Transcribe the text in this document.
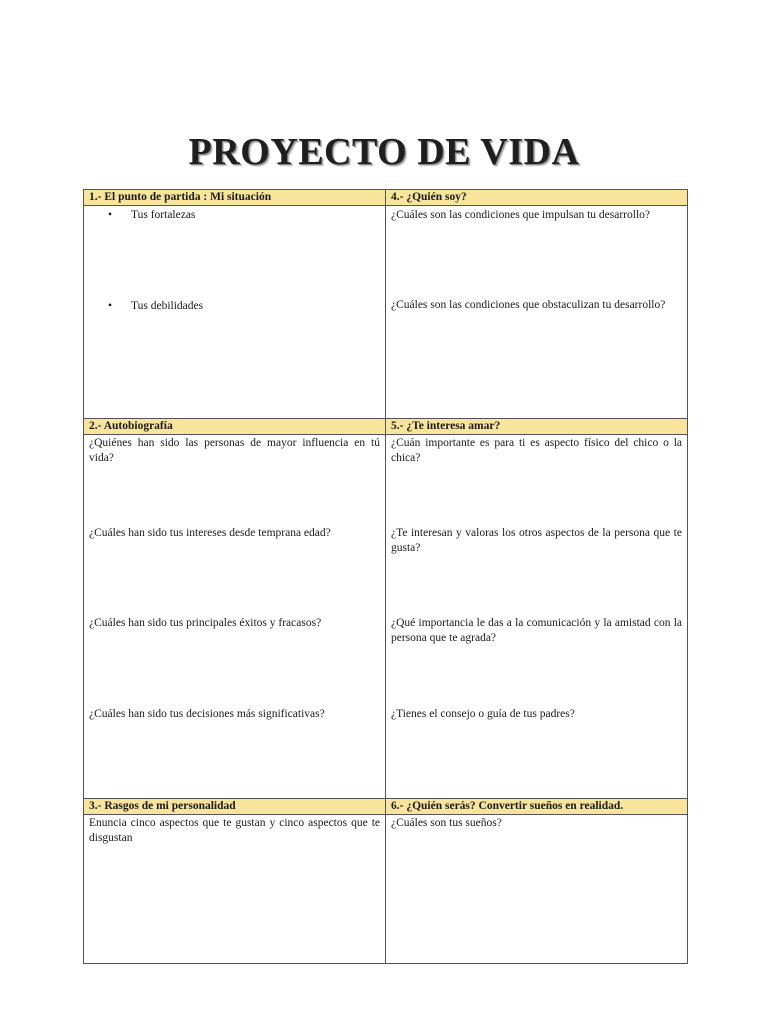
PROYECTO DE VIDA
1.- El punto de partida : Mi situación
• Tus fortalezas
• Tus debilidades
4.- ¿Quién soy?
¿Cuáles son las condiciones que impulsan tu desarrollo?
¿Cuáles son las condiciones que obstaculizan tu desarrollo?
2.- Autobiografía
¿Quiénes han sido las personas de mayor influencia en tú vida?
¿Cuáles han sido tus intereses desde temprana edad?
¿Cuáles han sido tus principales éxitos y fracasos?
¿Cuáles han sido tus decisiones más significativas?
5.- ¿Te interesa amar?
¿Cuán importante es para ti es aspecto físico del chico o la chica?
¿Te interesan y valoras los otros aspectos de la persona que te gusta?
¿Qué importancia le das a la comunicación y la amistad con la persona que te agrada?
¿Tienes el consejo o guía de tus padres?
3.- Rasgos de mi personalidad
Enuncia cinco aspectos que te gustan y cinco aspectos que te disgustan
6.- ¿Quién serás? Convertir sueños en realidad.
¿Cuáles son tus sueños?
